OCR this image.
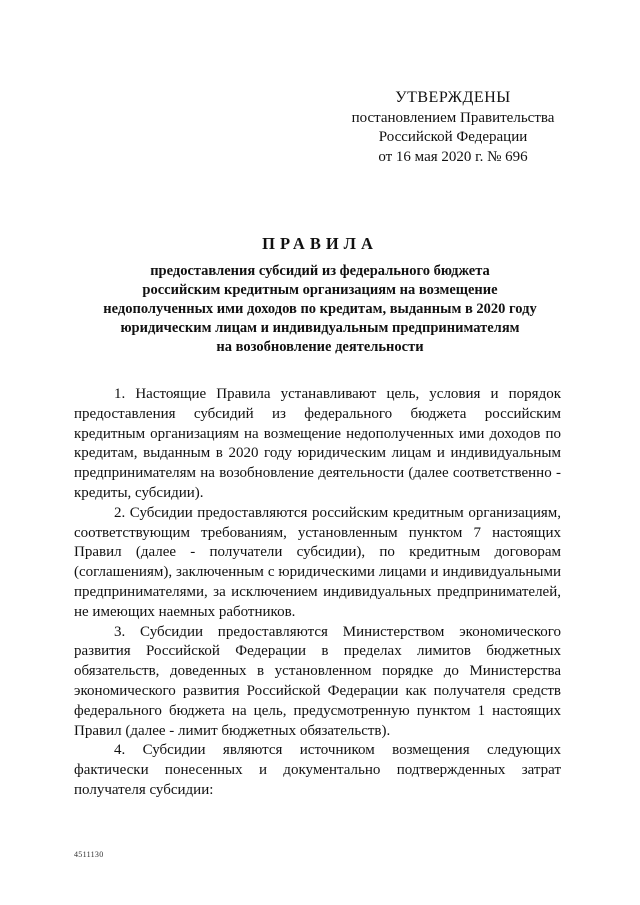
УТВЕРЖДЕНЫ
постановлением Правительства
Российской Федерации
от 16 мая 2020 г. № 696
ПРАВИЛА
предоставления субсидий из федерального бюджета
российским кредитным организациям на возмещение
недополученных ими доходов по кредитам, выданным в 2020 году
юридическим лицам и индивидуальным предпринимателям
на возобновление деятельности

1. Настоящие Правила устанавливают цель, условия и порядок предоставления субсидий из федерального бюджета российским кредитным организациям на возмещение недополученных ими доходов по кредитам, выданным в 2020 году юридическим лицам и индивидуальным предпринимателям на возобновление деятельности (далее соответственно - кредиты, субсидии).

2. Субсидии предоставляются российским кредитным организациям, соответствующим требованиям, установленным пунктом 7 настоящих Правил (далее - получатели субсидии), по кредитным договорам (соглашениям), заключенным с юридическими лицами и индивидуальными предпринимателями, за исключением индивидуальных предпринимателей, не имеющих наемных работников.

3. Субсидии предоставляются Министерством экономического развития Российской Федерации в пределах лимитов бюджетных обязательств, доведенных в установленном порядке до Министерства экономического развития Российской Федерации как получателя средств федерального бюджета на цель, предусмотренную пунктом 1 настоящих Правил (далее - лимит бюджетных обязательств).

4. Субсидии являются источником возмещения следующих фактически понесенных и документально подтвержденных затрат получателя субсидии:

4511130
